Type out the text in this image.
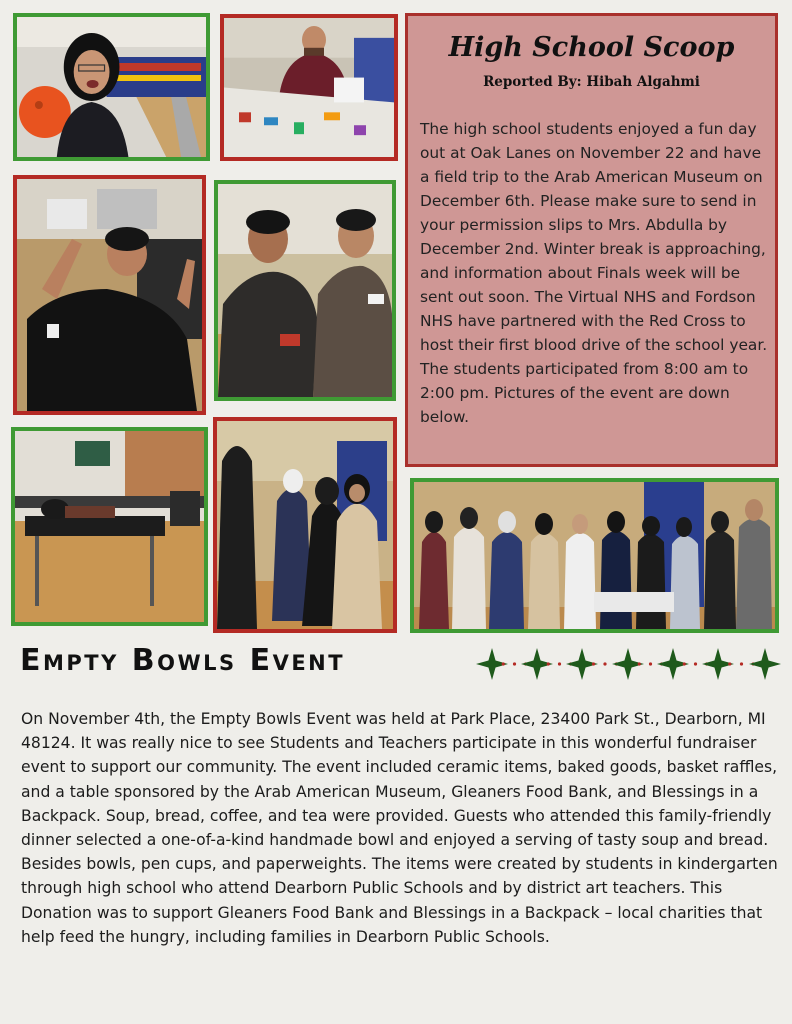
High School Scoop
Reported By: Hibah Algahmi
The high school students enjoyed a fun day out at Oak Lanes on November 22 and have a field trip to the Arab American Museum on December 6th. Please make sure to send in your permission slips to Mrs. Abdulla by December 2nd. Winter break is approaching, and information about Finals week will be sent out soon. The Virtual NHS and Fordson NHS have partnered with the Red Cross to host their first blood drive of the school year. The students participated from 8:00 am to 2:00 pm. Pictures of the event are down below.
Empty Bowls Event
On November 4th, the Empty Bowls Event was held at Park Place, 23400 Park St., Dearborn, MI 48124. It was really nice to see Students and Teachers participate in this wonderful fundraiser event to support our community. The event included ceramic items, baked goods, basket raffles, and a table sponsored by the Arab American Museum, Gleaners Food Bank, and Blessings in a Backpack. Soup, bread, coffee, and tea were provided. Guests who attended this family-friendly dinner selected a one-of-a-kind handmade bowl and enjoyed a serving of tasty soup and bread. Besides bowls, pen cups, and paperweights. The items were created by students in kindergarten through high school who attend Dearborn Public Schools and by district art teachers. This Donation was to support Gleaners Food Bank and Blessings in a Backpack – local charities that help feed the hungry, including families in Dearborn Public Schools.
